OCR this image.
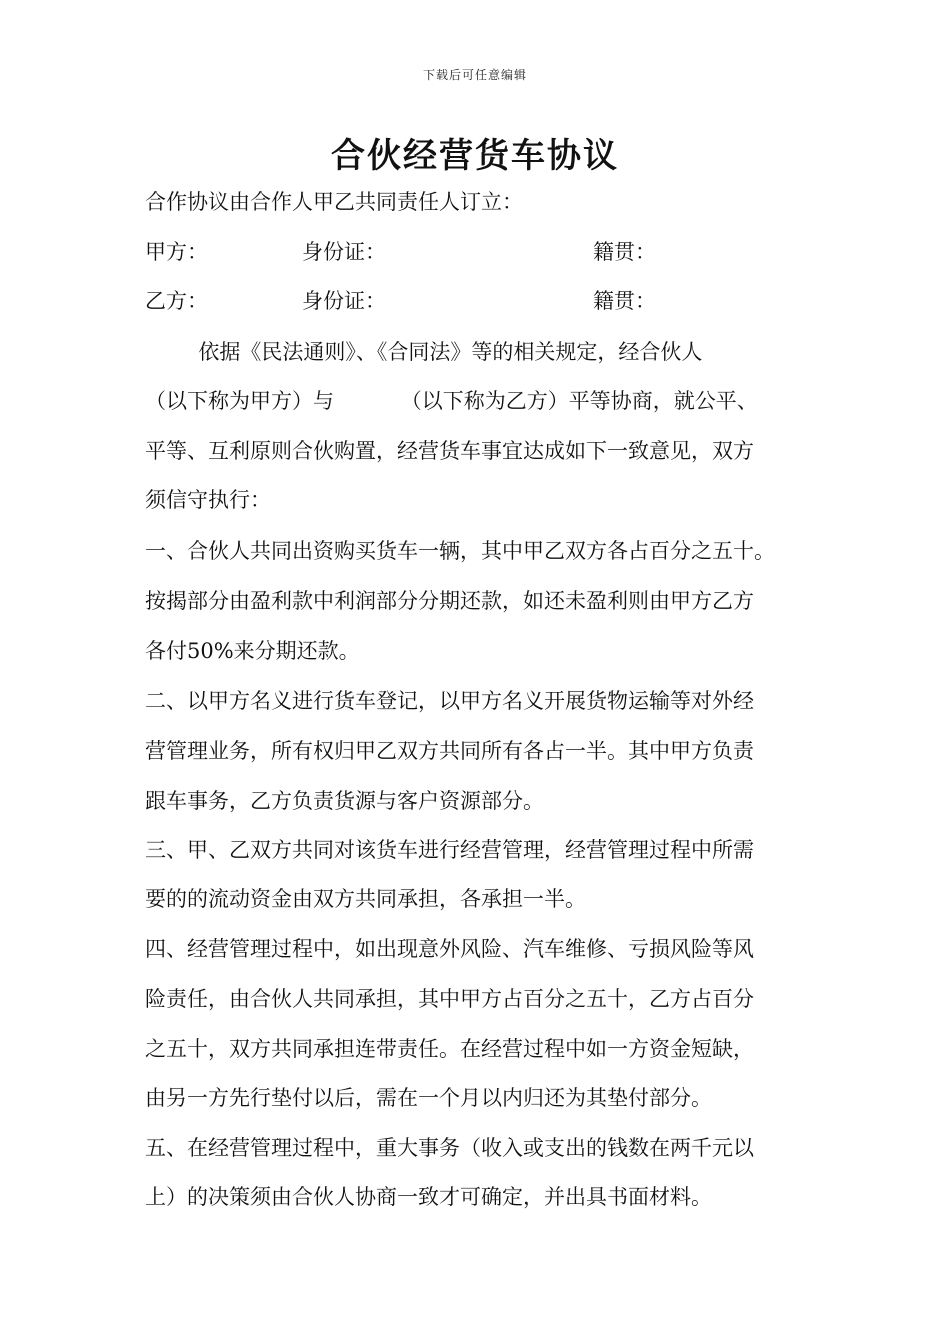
下载后可任意编辑
合伙经营货车协议
合作协议由合作人甲乙共同责任人订立：
甲方：	身份证：	籍贯：
乙方：	身份证：	籍贯：
依据《民法通则》、《合同法》等的相关规定，经合伙人
（以下称为甲方）与          （以下称为乙方）平等协商，就公平、
平等、互利原则合伙购置，经营货车事宜达成如下一致意见，双方
须信守执行：
一、合伙人共同出资购买货车一辆，其中甲乙双方各占百分之五十。
按揭部分由盈利款中利润部分分期还款，如还未盈利则由甲方乙方
各付50%来分期还款。
二、以甲方名义进行货车登记，以甲方名义开展货物运输等对外经
营管理业务，所有权归甲乙双方共同所有各占一半。其中甲方负责
跟车事务，乙方负责货源与客户资源部分。
三、甲、乙双方共同对该货车进行经营管理，经营管理过程中所需
要的的流动资金由双方共同承担，各承担一半。
四、经营管理过程中，如出现意外风险、汽车维修、亏损风险等风
险责任，由合伙人共同承担，其中甲方占百分之五十，乙方占百分
之五十，双方共同承担连带责任。在经营过程中如一方资金短缺，
由另一方先行垫付以后，需在一个月以内归还为其垫付部分。
五、在经营管理过程中，重大事务（收入或支出的钱数在两千元以
上）的决策须由合伙人协商一致才可确定，并出具书面材料。
